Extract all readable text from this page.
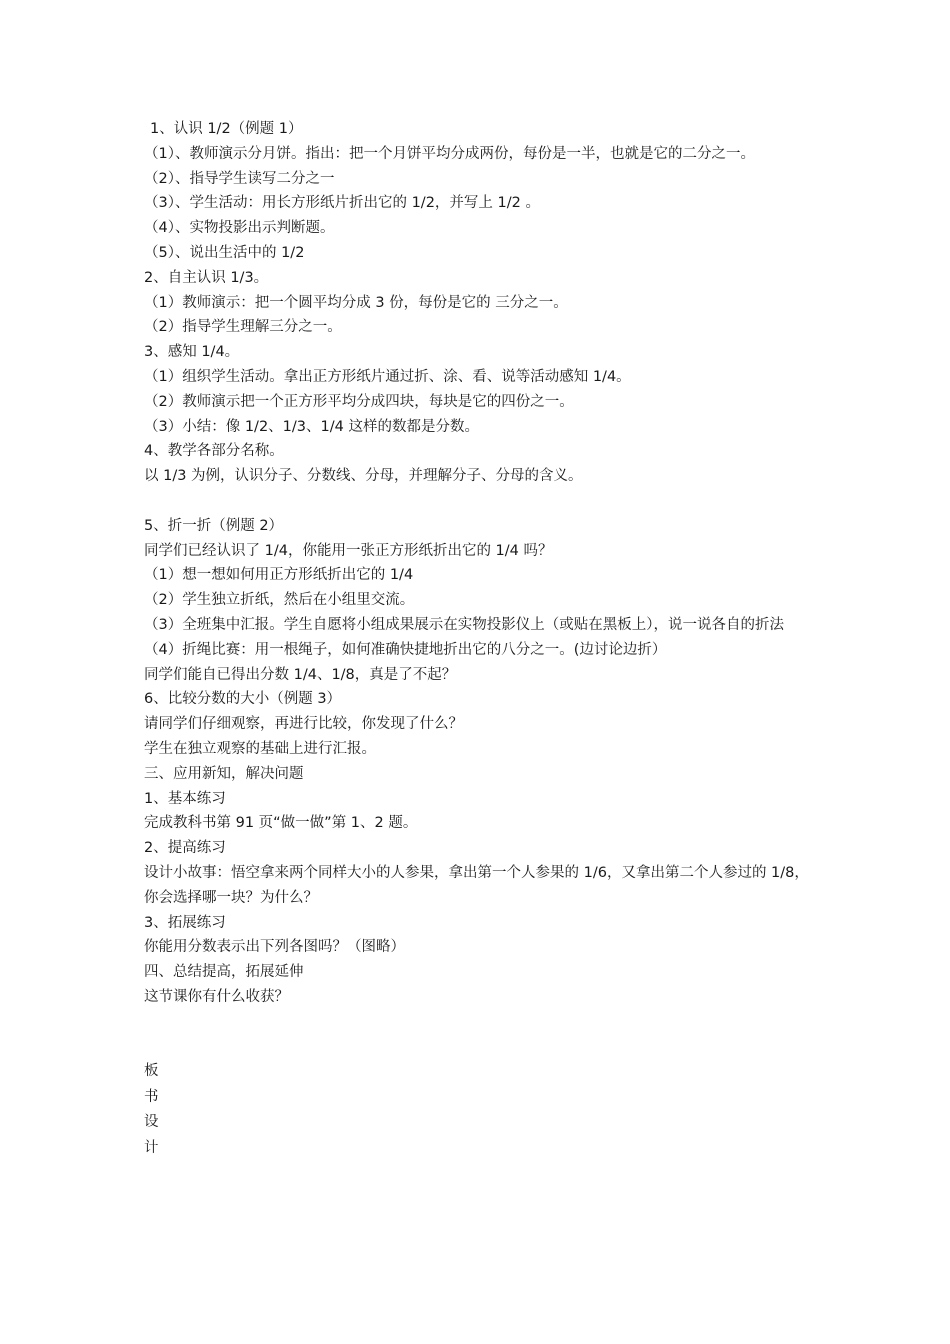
1、认识 1/2（例题 1）
（1）、教师演示分月饼。指出：把一个月饼平均分成两份，每份是一半，也就是它的二分之一。
（2）、指导学生读写二分之一
（3）、学生活动：用长方形纸片折出它的 1/2，并写上 1/2 。
（4）、实物投影出示判断题。
（5）、说出生活中的 1/2
2、自主认识 1/3。
（1）教师演示：把一个圆平均分成 3 份，每份是它的 三分之一。
（2）指导学生理解三分之一。
3、感知 1/4。
（1）组织学生活动。拿出正方形纸片通过折、涂、看、说等活动感知 1/4。
（2）教师演示把一个正方形平均分成四块，每块是它的四份之一。
（3）小结：像 1/2、1/3、1/4 这样的数都是分数。
4、教学各部分名称。
以 1/3 为例，认识分子、分数线、分母，并理解分子、分母的含义。
5、折一折（例题 2）
同学们已经认识了 1/4，你能用一张正方形纸折出它的 1/4 吗？
（1）想一想如何用正方形纸折出它的 1/4
（2）学生独立折纸，然后在小组里交流。
（3）全班集中汇报。学生自愿将小组成果展示在实物投影仪上（或贴在黑板上），说一说各自的折法
（4）折绳比赛：用一根绳子，如何准确快捷地折出它的八分之一。(边讨论边折）
同学们能自已得出分数 1/4、1/8，真是了不起？
6、比较分数的大小（例题 3）
请同学们仔细观察，再进行比较，你发现了什么？
学生在独立观察的基础上进行汇报。
三、应用新知，解决问题
1、基本练习
完成教科书第 91 页“做一做”第 1、2 题。
2、提高练习
设计小故事：悟空拿来两个同样大小的人参果，拿出第一个人参果的 1/6，又拿出第二个人参过的 1/8，你会选择哪一块？为什么？
3、拓展练习
你能用分数表示出下列各图吗？（图略）
四、总结提高，拓展延伸
这节课你有什么收获？
板
书
设
计
